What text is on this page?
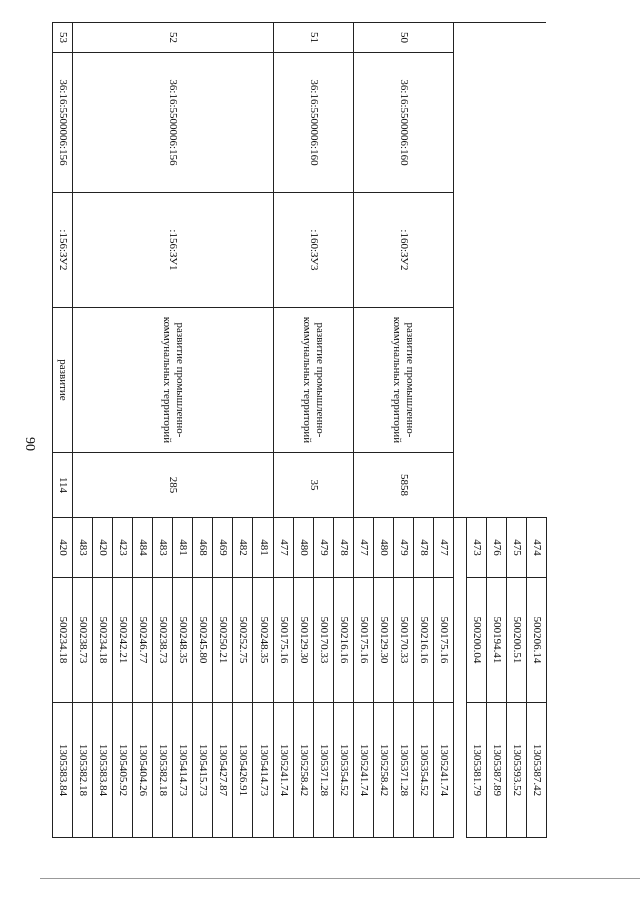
90
					474	500206.14	1305387.42
					475	500200.51	1305393.52
					476	500194.41	1305387.89
					473	500200.04	1305381.79

50	36:16:5500006:160	:160:ЗУ2	развитие промышленно-коммунальных территорий	5858	477	500175.16	1305241.74
					478	500216.16	1305354.52
					479	500170.33	1305371.28
					480	500129.30	1305258.42
					477	500175.16	1305241.74
51	36:16:5500006:160	:160:ЗУ3	развитие промышленно-коммунальных территорий	35	478	500216.16	1305354.52
					479	500170.33	1305371.28
					480	500129.30	1305258.42
					477	500175.16	1305241.74
52	36:16:5500006:156	:156:ЗУ1	развитие промышленно-коммунальных территорий	285	481	500248.35	1305414.73
					482	500252.75	1305426.91
					469	500250.21	1305427.87
					468	500245.80	1305415.73
					481	500248.35	1305414.73
					483	500238.73	1305382.18
					484	500246.77	1305404.26
					423	500242.21	1305405.92
					420	500234.18	1305383.84
					483	500238.73	1305382.18
53	36:16:5500006:156	:156:ЗУ2	развитие	114	420	500234.18	1305383.84
